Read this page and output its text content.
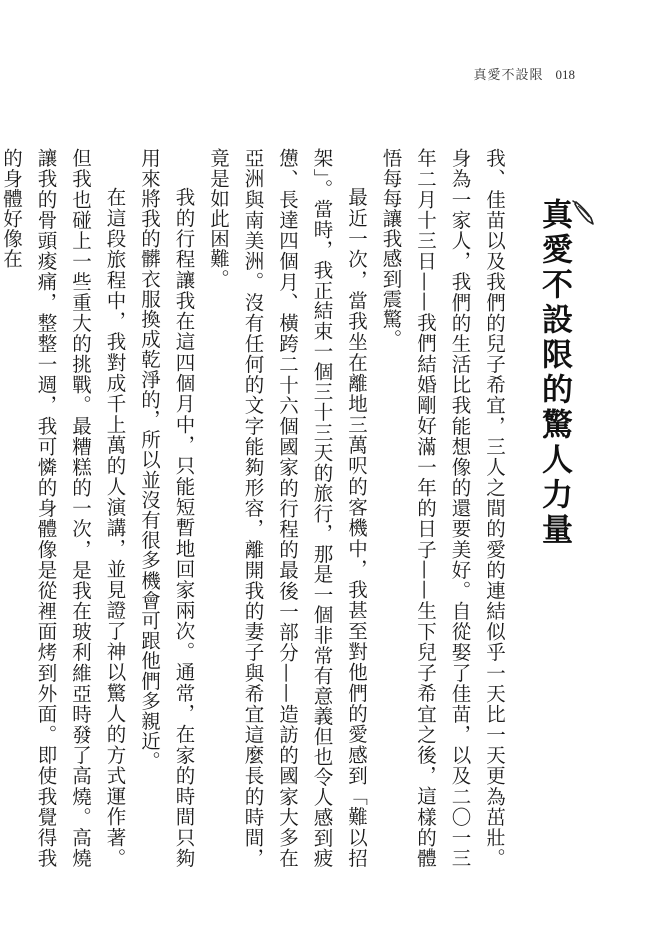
真愛不設限 018
真愛不設限的驚人力量

我、佳苗以及我們的兒子希宜，三人之間的愛的連結似乎一天比一天更為茁壯。身為一家人，我們的生活比我能想像的還要美好。自從娶了佳苗，以及二〇一三年二月十三日——我們結婚剛好滿一年的日子——生下兒子希宜之後，這樣的體悟每每讓我感到震驚。

最近一次，當我坐在離地三萬呎的客機中，我甚至對他們的愛感到「難以招架」。當時，我正結束一個三十三天的旅行，那是一個非常有意義但也令人感到疲憊、長達四個月、橫跨二十六個國家的行程的最後一部分——造訪的國家大多在亞洲與南美洲。沒有任何的文字能夠形容，離開我的妻子與希宜這麼長的時間，竟是如此困難。

我的行程讓我在這四個月中，只能短暫地回家兩次。通常，在家的時間只夠用來將我的髒衣服換成乾淨的，所以並沒有很多機會可跟他們多親近。

在這段旅程中，我對成千上萬的人演講，並見證了神以驚人的方式運作著。但我也碰上一些重大的挑戰。最糟糕的一次，是我在玻利維亞時發了高燒。高燒讓我的骨頭痠痛，整整一週，我可憐的身體像是從裡面烤到外面。即使我覺得我的身體好像在
